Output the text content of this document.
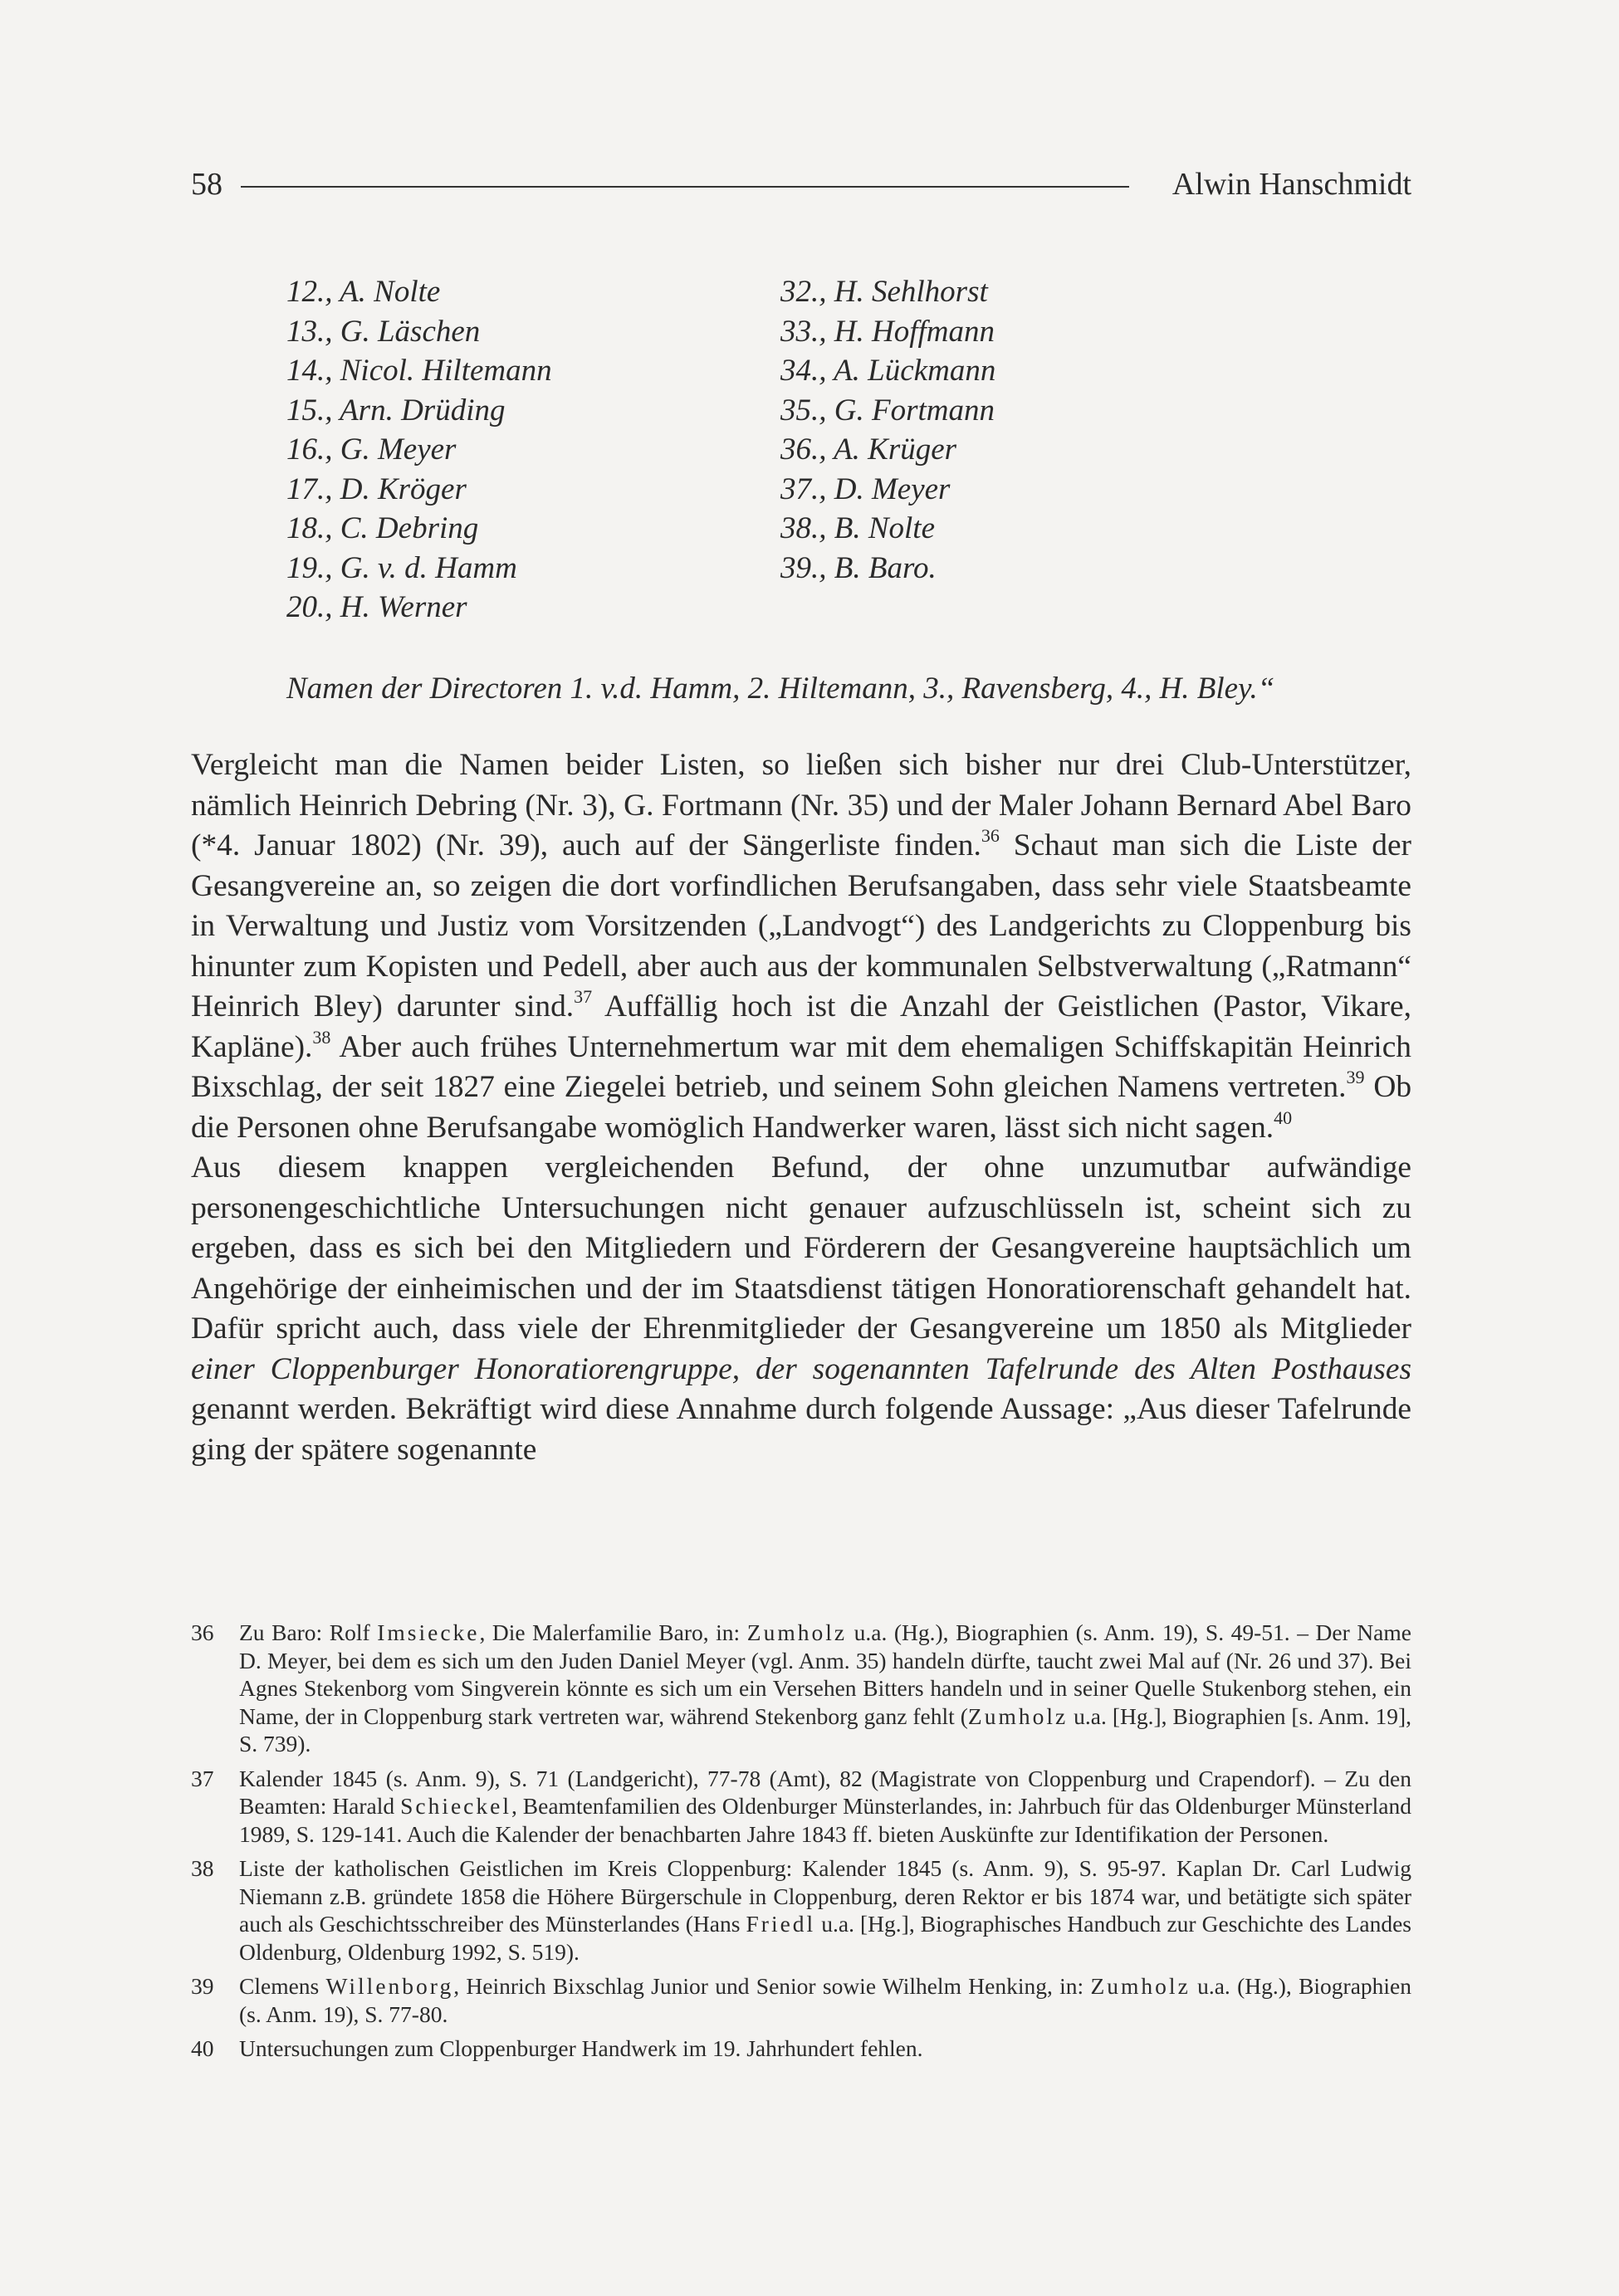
58	Alwin Hanschmidt
12., A. Nolte
13., G. Läschen
14., Nicol. Hiltemann
15., Arn. Drüding
16., G. Meyer
17., D. Kröger
18., C. Debring
19., G. v. d. Hamm
20., H. Werner
32., H. Sehlhorst
33., H. Hoffmann
34., A. Lückmann
35., G. Fortmann
36., A. Krüger
37., D. Meyer
38., B. Nolte
39., B. Baro.
Namen der Directoren 1. v.d. Hamm, 2. Hiltemann, 3., Ravensberg, 4., H. Bley.“

Vergleicht man die Namen beider Listen, so ließen sich bisher nur drei Club-Unterstützer, nämlich Heinrich Debring (Nr. 3), G. Fortmann (Nr. 35) und der Maler Johann Bernard Abel Baro (*4. Januar 1802) (Nr. 39), auch auf der Sängerliste finden.$^{36}$ Schaut man sich die Liste der Gesangvereine an, so zeigen die dort vorfindlichen Berufsangaben, dass sehr viele Staatsbeamte in Verwaltung und Justiz vom Vorsitzenden („Landvogt“) des Landgerichts zu Cloppenburg bis hinunter zum Kopisten und Pedell, aber auch aus der kommunalen Selbstverwaltung („Ratmann“ Heinrich Bley) darunter sind.$^{37}$ Auffällig hoch ist die Anzahl der Geistlichen (Pastor, Vikare, Kapläne).$^{38}$ Aber auch frühes Unternehmertum war mit dem ehemaligen Schiffskapitän Heinrich Bixschlag, der seit 1827 eine Ziegelei betrieb, und seinem Sohn gleichen Namens vertreten.$^{39}$ Ob die Personen ohne Berufsangabe womöglich Handwerker waren, lässt sich nicht sagen.$^{40}$

Aus diesem knappen vergleichenden Befund, der ohne unzumutbar aufwändige personengeschichtliche Untersuchungen nicht genauer aufzuschlüsseln ist, scheint sich zu ergeben, dass es sich bei den Mitgliedern und Förderern der Gesangvereine hauptsächlich um Angehörige der einheimischen und der im Staatsdienst tätigen Honoratiorenschaft gehandelt hat. Dafür spricht auch, dass viele der Ehrenmitglieder der Gesangvereine um 1850 als Mitglieder einer Cloppenburger Honoratiorengruppe, der sogenannten Tafelrunde des Alten Posthauses genannt werden. Bekräftigt wird diese Annahme durch folgende Aussage: „Aus dieser Tafelrunde ging der spätere sogenannte

36	Zu Baro: Rolf Imsiecke, Die Malerfamilie Baro, in: Zumholz u.a. (Hg.), Biographien (s. Anm. 19), S. 49-51. – Der Name D. Meyer, bei dem es sich um den Juden Daniel Meyer (vgl. Anm. 35) handeln dürfte, taucht zwei Mal auf (Nr. 26 und 37). Bei Agnes Stekenborg vom Singverein könnte es sich um ein Versehen Bitters handeln und in seiner Quelle Stukenborg stehen, ein Name, der in Cloppenburg stark vertreten war, während Stekenborg ganz fehlt (Zumholz u.a. [Hg.], Biographien [s. Anm. 19], S. 739).
37	Kalender 1845 (s. Anm. 9), S. 71 (Landgericht), 77-78 (Amt), 82 (Magistrate von Cloppenburg und Crapendorf). – Zu den Beamten: Harald Schieckel, Beamtenfamilien des Oldenburger Münsterlandes, in: Jahrbuch für das Oldenburger Münsterland 1989, S. 129-141. Auch die Kalender der benachbarten Jahre 1843 ff. bieten Auskünfte zur Identifikation der Personen.
38	Liste der katholischen Geistlichen im Kreis Cloppenburg: Kalender 1845 (s. Anm. 9), S. 95-97. Kaplan Dr. Carl Ludwig Niemann z.B. gründete 1858 die Höhere Bürgerschule in Cloppenburg, deren Rektor er bis 1874 war, und betätigte sich später auch als Geschichtsschreiber des Münsterlandes (Hans Friedl u.a. [Hg.], Biographisches Handbuch zur Geschichte des Landes Oldenburg, Oldenburg 1992, S. 519).
39	Clemens Willenborg, Heinrich Bixschlag Junior und Senior sowie Wilhelm Henking, in: Zumholz u.a. (Hg.), Biographien (s. Anm. 19), S. 77-80.
40	Untersuchungen zum Cloppenburger Handwerk im 19. Jahrhundert fehlen.
